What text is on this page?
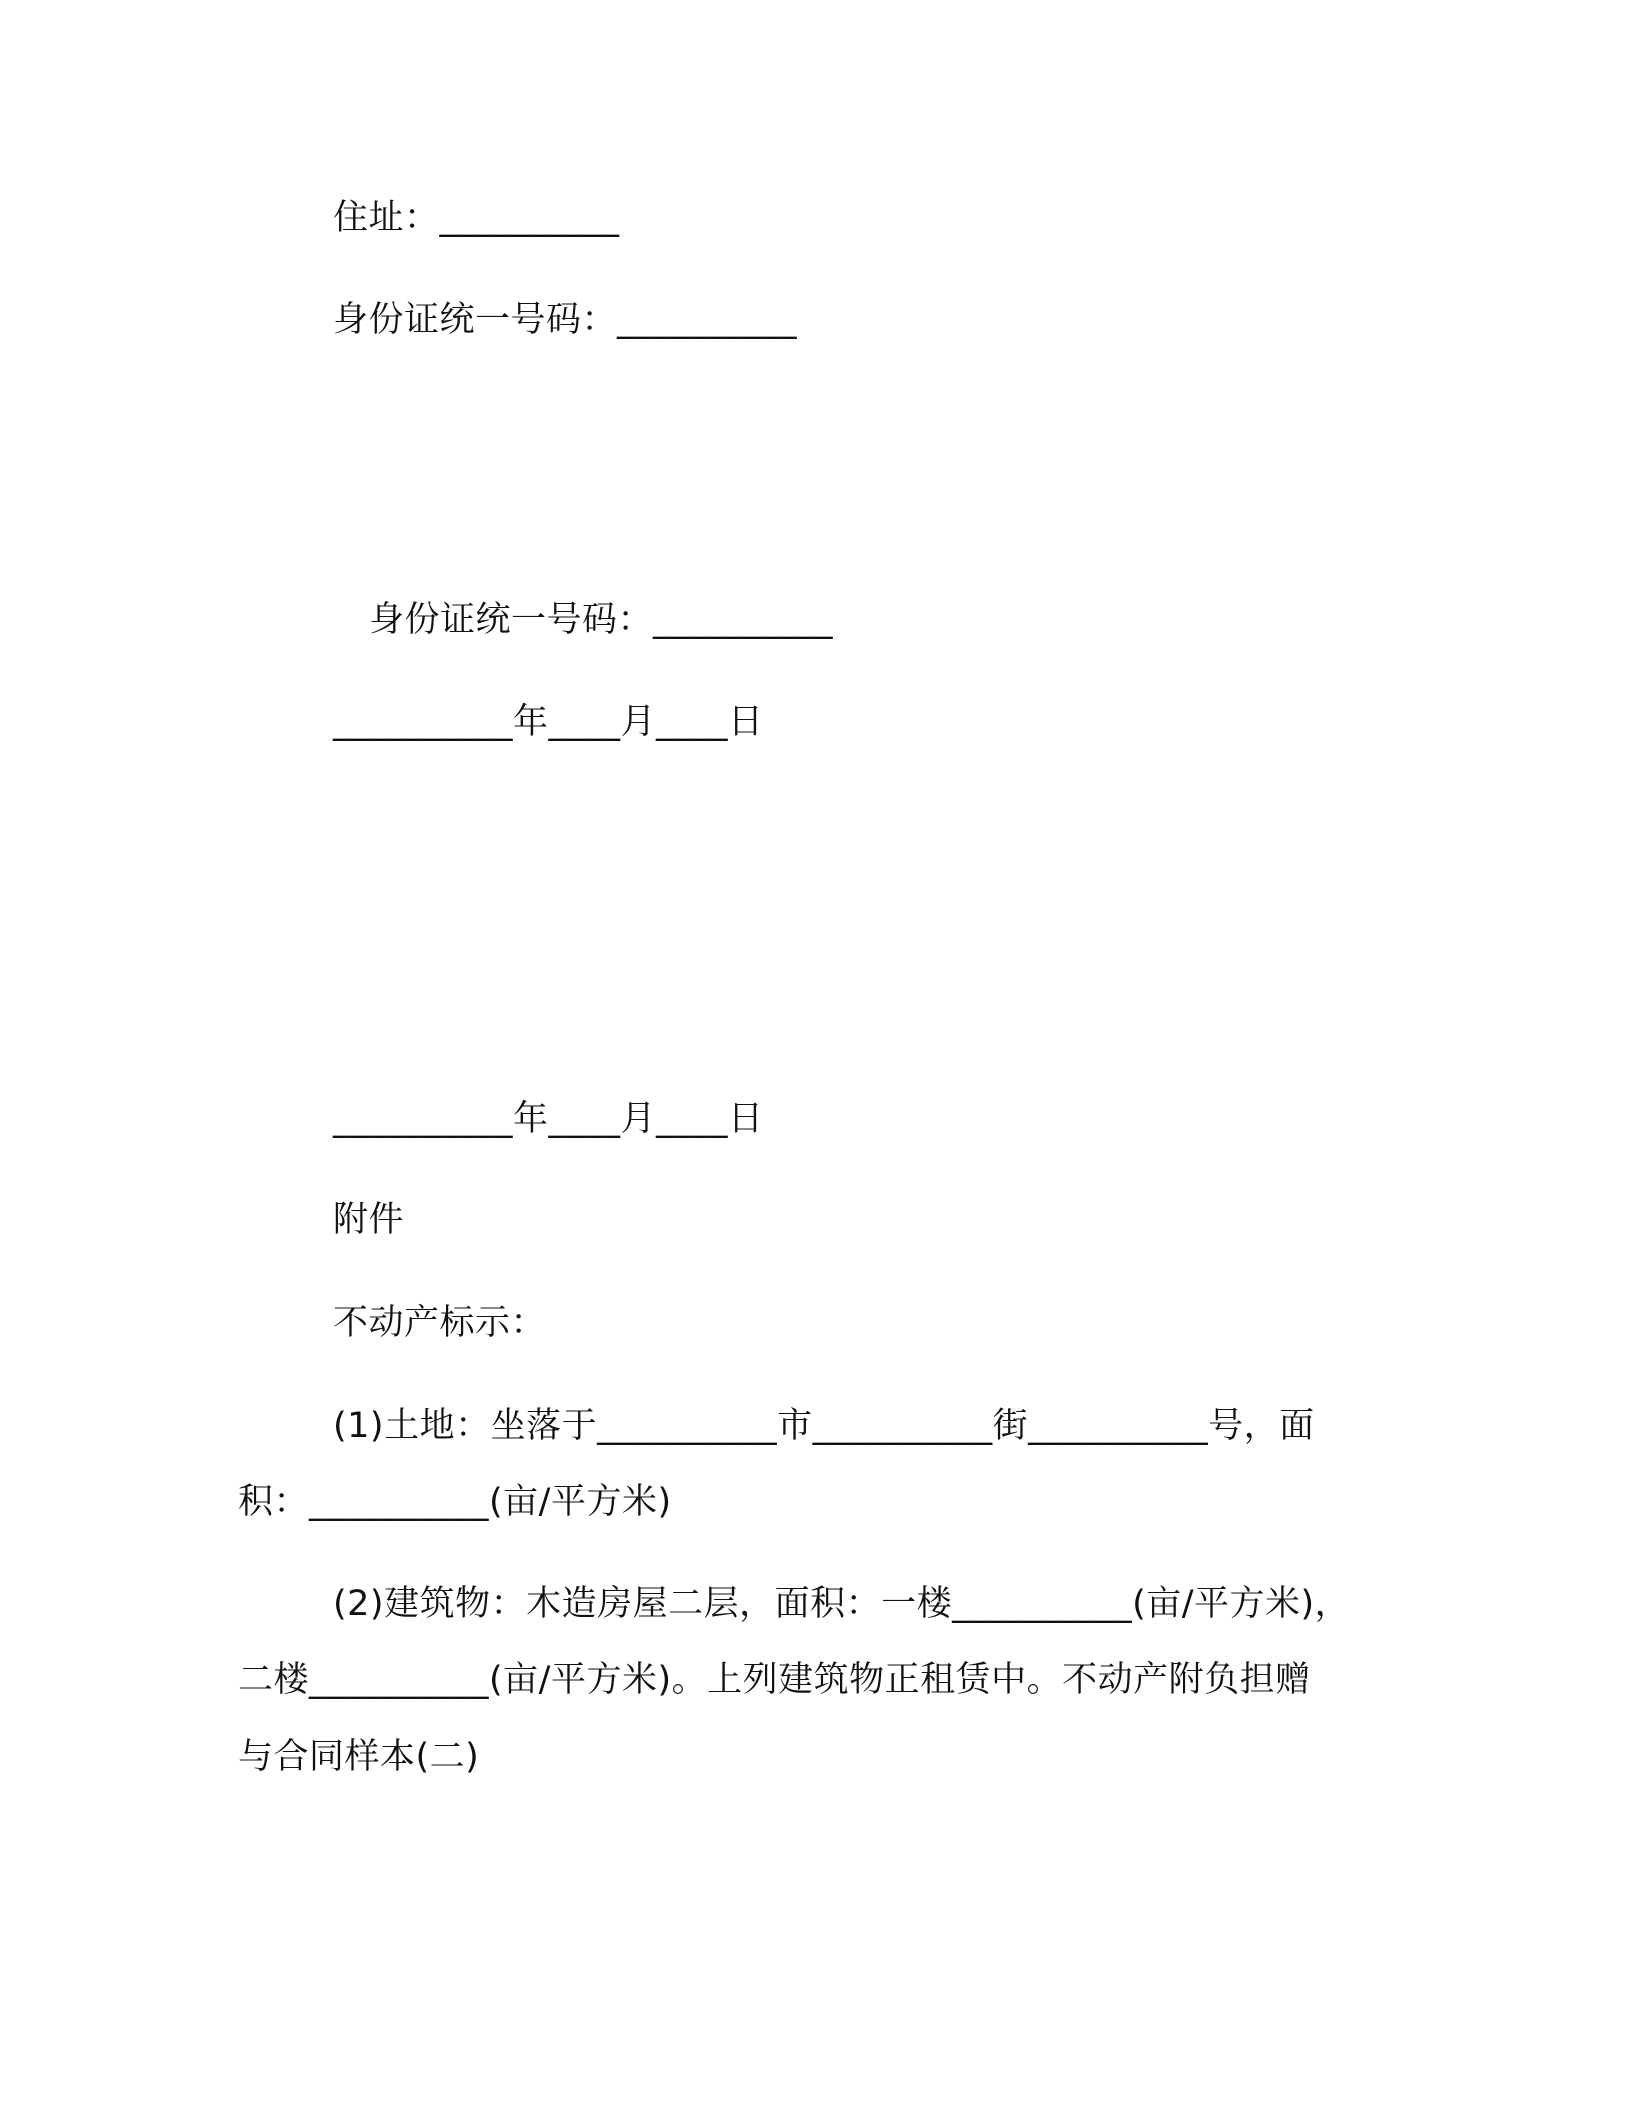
住址：__________
身份证统一号码：__________
身份证统一号码：__________
__________年____月____日
__________年____月____日
附件
不动产标示：
(1)土地：坐落于__________市__________街__________号，面
积：__________(亩/平方米)
(2)建筑物：木造房屋二层，面积：一楼__________(亩/平方米)，
二楼__________(亩/平方米)。上列建筑物正租赁中。不动产附负担赠
与合同样本(二)
